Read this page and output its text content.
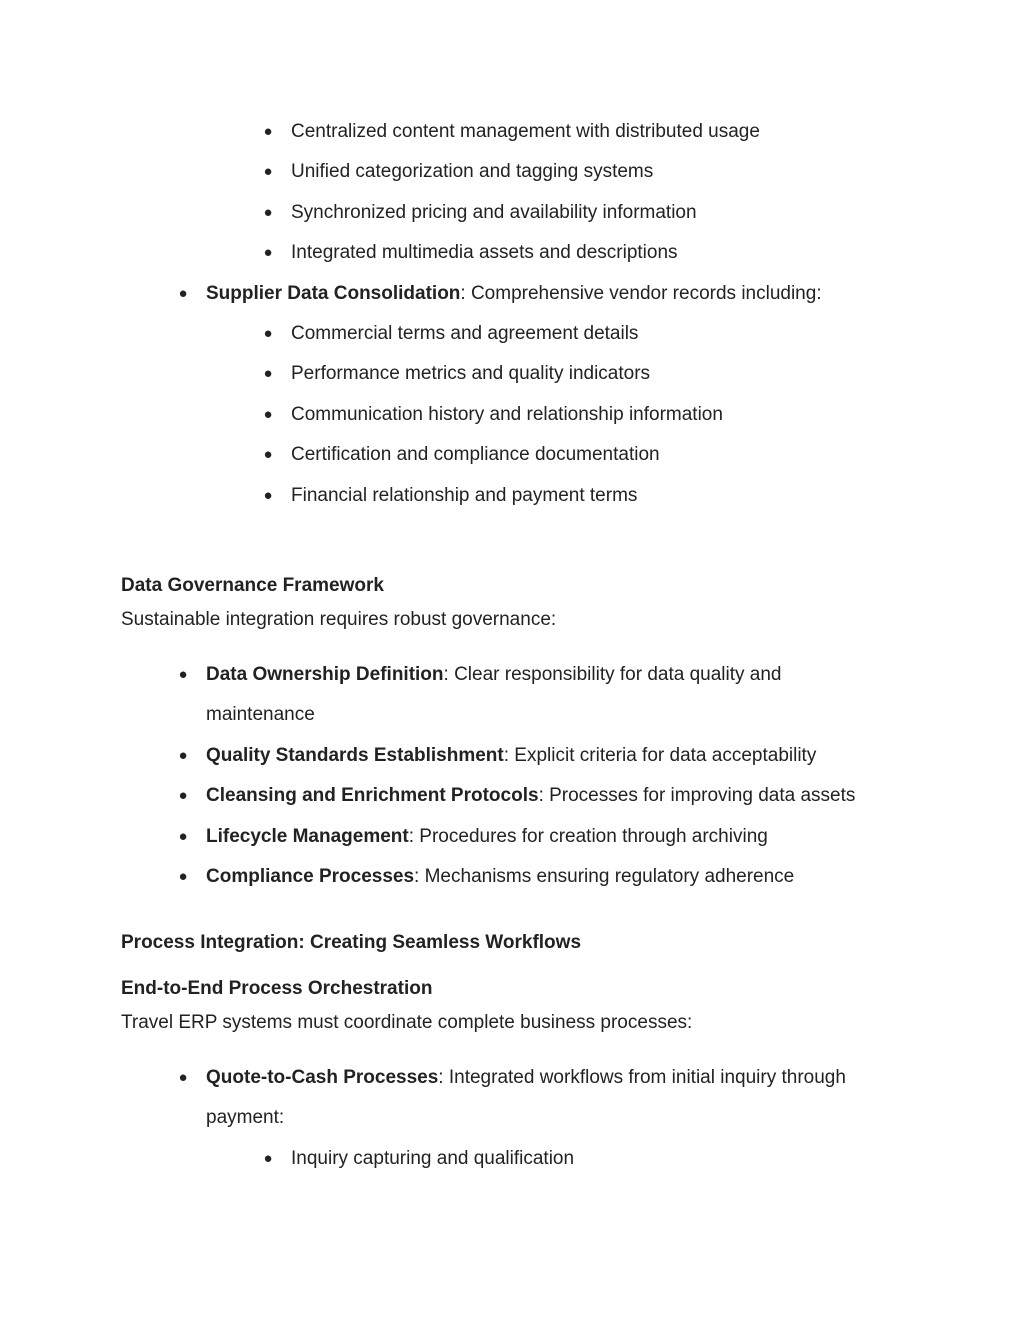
● Centralized content management with distributed usage
● Unified categorization and tagging systems
● Synchronized pricing and availability information
● Integrated multimedia assets and descriptions
● Supplier Data Consolidation: Comprehensive vendor records including:
● Commercial terms and agreement details
● Performance metrics and quality indicators
● Communication history and relationship information
● Certification and compliance documentation
● Financial relationship and payment terms
Data Governance Framework
Sustainable integration requires robust governance:
● Data Ownership Definition: Clear responsibility for data quality and
maintenance
● Quality Standards Establishment: Explicit criteria for data acceptability
● Cleansing and Enrichment Protocols: Processes for improving data assets
● Lifecycle Management: Procedures for creation through archiving
● Compliance Processes: Mechanisms ensuring regulatory adherence
Process Integration: Creating Seamless Workflows
End-to-End Process Orchestration
Travel ERP systems must coordinate complete business processes:
● Quote-to-Cash Processes: Integrated workflows from initial inquiry through
payment:
● Inquiry capturing and qualification
